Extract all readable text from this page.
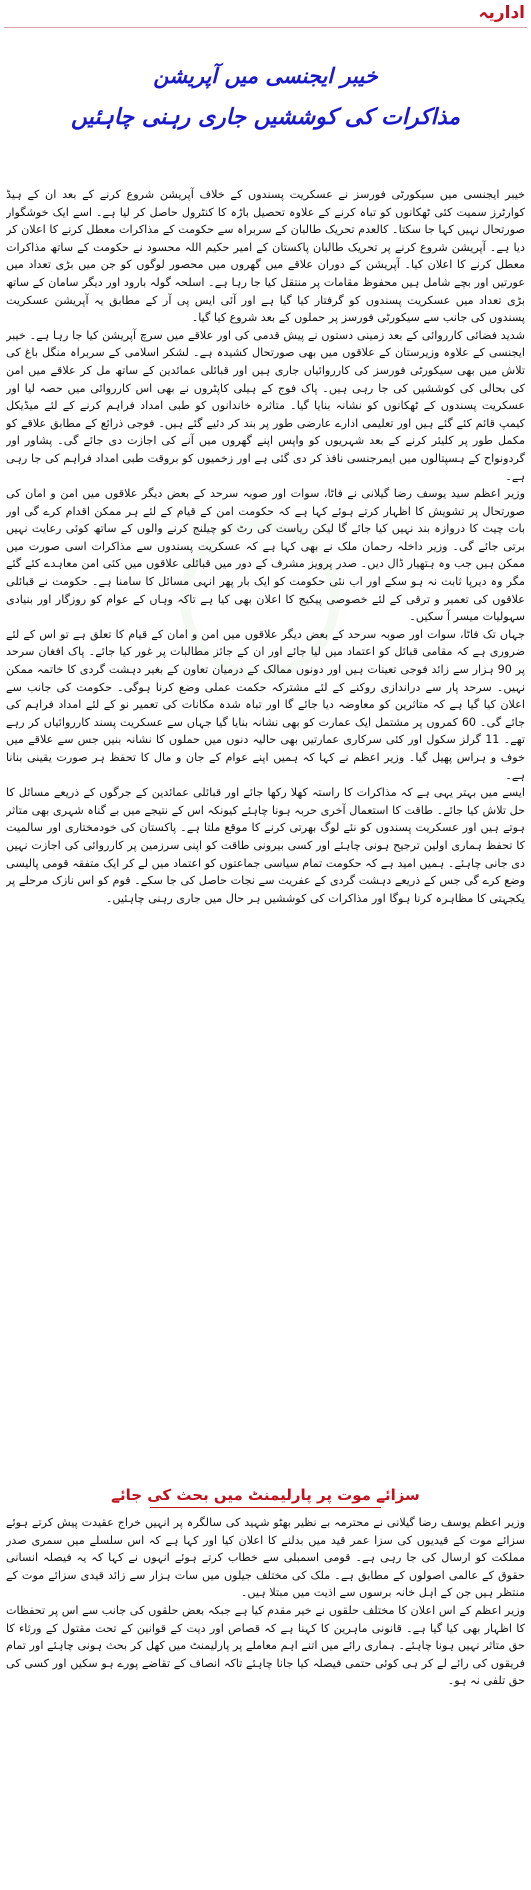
اداریہ
خیبر ایجنسی میں آپریشن
مذاکرات کی کوششیں جاری رہنی چاہئیں

خیبر ایجنسی میں سیکورٹی فورسز نے عسکریت پسندوں کے خلاف آپریشن شروع کرنے کے بعد ان کے ہیڈ کوارٹرز سمیت کئی ٹھکانوں کو تباہ کرنے کے علاوہ تحصیل باڑہ کا کنٹرول حاصل کر لیا ہے۔ اسے ایک خوشگوار صورتحال نہیں کہا جا سکتا۔ کالعدم تحریک طالبان کے سربراہ سے حکومت کے مذاکرات معطل کرنے کا اعلان کر دیا ہے۔ آپریشن شروع کرنے پر تحریک طالبان پاکستان کے امیر حکیم اللہ محسود نے حکومت کے ساتھ مذاکرات معطل کرنے کا اعلان کیا۔ آپریشن کے دوران علاقے میں گھروں میں محصور لوگوں کو جن میں بڑی تعداد میں عورتیں اور بچے شامل ہیں محفوظ مقامات پر منتقل کیا جا رہا ہے۔ اسلحہ گولہ بارود اور دیگر سامان کے ساتھ بڑی تعداد میں عسکریت پسندوں کو گرفتار کیا گیا ہے اور آئی ایس پی آر کے مطابق یہ آپریشن عسکریت پسندوں کی جانب سے سیکورٹی فورسز پر حملوں کے بعد شروع کیا گیا۔

شدید فضائی کارروائی کے بعد زمینی دستوں نے پیش قدمی کی اور علاقے میں سرچ آپریشن کیا جا رہا ہے۔ خیبر ایجنسی کے علاوہ وزیرستان کے علاقوں میں بھی صورتحال کشیدہ ہے۔ لشکر اسلامی کے سربراہ منگل باغ کی تلاش میں بھی سیکورٹی فورسز کی کارروائیاں جاری ہیں اور قبائلی عمائدین کے ساتھ مل کر علاقے میں امن کی بحالی کی کوششیں کی جا رہی ہیں۔ پاک فوج کے ہیلی کاپٹروں نے بھی اس کارروائی میں حصہ لیا اور عسکریت پسندوں کے ٹھکانوں کو نشانہ بنایا گیا۔ متاثرہ خاندانوں کو طبی امداد فراہم کرنے کے لئے میڈیکل کیمپ قائم کئے گئے ہیں اور تعلیمی ادارے عارضی طور پر بند کر دئیے گئے ہیں۔ فوجی ذرائع کے مطابق علاقے کو مکمل طور پر کلیئر کرنے کے بعد شہریوں کو واپس اپنے گھروں میں آنے کی اجازت دی جائے گی۔ پشاور اور گردونواح کے ہسپتالوں میں ایمرجنسی نافذ کر دی گئی ہے اور زخمیوں کو بروقت طبی امداد فراہم کی جا رہی ہے۔

وزیر اعظم سید یوسف رضا گیلانی نے فاٹا، سوات اور صوبہ سرحد کے بعض دیگر علاقوں میں امن و امان کی صورتحال پر تشویش کا اظہار کرتے ہوئے کہا ہے کہ حکومت امن کے قیام کے لئے ہر ممکن اقدام کرے گی اور بات چیت کا دروازہ بند نہیں کیا جائے گا لیکن ریاست کی رٹ کو چیلنج کرنے والوں کے ساتھ کوئی رعایت نہیں برتی جائے گی۔ وزیر داخلہ رحمان ملک نے بھی کہا ہے کہ عسکریت پسندوں سے مذاکرات اسی صورت میں ممکن ہیں جب وہ ہتھیار ڈال دیں۔ صدر پرویز مشرف کے دور میں قبائلی علاقوں میں کئی امن معاہدے کئے گئے مگر وہ دیرپا ثابت نہ ہو سکے اور اب نئی حکومت کو ایک بار پھر انہی مسائل کا سامنا ہے۔ حکومت نے قبائلی علاقوں کی تعمیر و ترقی کے لئے خصوصی پیکیج کا اعلان بھی کیا ہے تاکہ وہاں کے عوام کو روزگار اور بنیادی سہولیات میسر آ سکیں۔

جہاں تک فاٹا، سوات اور صوبہ سرحد کے بعض دیگر علاقوں میں امن و امان کے قیام کا تعلق ہے تو اس کے لئے ضروری ہے کہ مقامی قبائل کو اعتماد میں لیا جائے اور ان کے جائز مطالبات پر غور کیا جائے۔ پاک افغان سرحد پر 90 ہزار سے زائد فوجی تعینات ہیں اور دونوں ممالک کے درمیان تعاون کے بغیر دہشت گردی کا خاتمہ ممکن نہیں۔ سرحد پار سے دراندازی روکنے کے لئے مشترکہ حکمت عملی وضع کرنا ہوگی۔ حکومت کی جانب سے اعلان کیا گیا ہے کہ متاثرین کو معاوضہ دیا جائے گا اور تباہ شدہ مکانات کی تعمیر نو کے لئے امداد فراہم کی جائے گی۔ 60 کمروں پر مشتمل ایک عمارت کو بھی نشانہ بنایا گیا جہاں سے عسکریت پسند کارروائیاں کر رہے تھے۔ 11 گرلز سکول اور کئی سرکاری عمارتیں بھی حالیہ دنوں میں حملوں کا نشانہ بنیں جس سے علاقے میں خوف و ہراس پھیل گیا۔ وزیر اعظم نے کہا کہ ہمیں اپنے عوام کے جان و مال کا تحفظ ہر صورت یقینی بنانا ہے۔

ایسے میں بہتر یہی ہے کہ مذاکرات کا راستہ کھلا رکھا جائے اور قبائلی عمائدین کے جرگوں کے ذریعے مسائل کا حل تلاش کیا جائے۔ طاقت کا استعمال آخری حربہ ہونا چاہئے کیونکہ اس کے نتیجے میں بے گناہ شہری بھی متاثر ہوتے ہیں اور عسکریت پسندوں کو نئے لوگ بھرتی کرنے کا موقع ملتا ہے۔ پاکستان کی خودمختاری اور سالمیت کا تحفظ ہماری اولین ترجیح ہونی چاہئے اور کسی بیرونی طاقت کو اپنی سرزمین پر کارروائی کی اجازت نہیں دی جانی چاہئے۔ ہمیں امید ہے کہ حکومت تمام سیاسی جماعتوں کو اعتماد میں لے کر ایک متفقہ قومی پالیسی وضع کرے گی جس کے ذریعے دہشت گردی کے عفریت سے نجات حاصل کی جا سکے۔ قوم کو اس نازک مرحلے پر یکجہتی کا مظاہرہ کرنا ہوگا اور مذاکرات کی کوششیں ہر حال میں جاری رہنی چاہئیں۔

سزائے موت پر پارلیمنٹ میں بحث کی جائے

وزیر اعظم یوسف رضا گیلانی نے محترمہ بے نظیر بھٹو شہید کی سالگرہ پر انہیں خراج عقیدت پیش کرتے ہوئے سزائے موت کے قیدیوں کی سزا عمر قید میں بدلنے کا اعلان کیا اور کہا ہے کہ اس سلسلے میں سمری صدر مملکت کو ارسال کی جا رہی ہے۔ قومی اسمبلی سے خطاب کرتے ہوئے انہوں نے کہا کہ یہ فیصلہ انسانی حقوق کے عالمی اصولوں کے مطابق ہے۔ ملک کی مختلف جیلوں میں سات ہزار سے زائد قیدی سزائے موت کے منتظر ہیں جن کے اہل خانہ برسوں سے اذیت میں مبتلا ہیں۔

وزیر اعظم کے اس اعلان کا مختلف حلقوں نے خیر مقدم کیا ہے جبکہ بعض حلقوں کی جانب سے اس پر تحفظات کا اظہار بھی کیا گیا ہے۔ قانونی ماہرین کا کہنا ہے کہ قصاص اور دیت کے قوانین کے تحت مقتول کے ورثاء کا حق متاثر نہیں ہونا چاہئے۔ ہماری رائے میں اتنے اہم معاملے پر پارلیمنٹ میں کھل کر بحث ہونی چاہئے اور تمام فریقوں کی رائے لے کر ہی کوئی حتمی فیصلہ کیا جانا چاہئے تاکہ انصاف کے تقاضے پورے ہو سکیں اور کسی کی حق تلفی نہ ہو۔
